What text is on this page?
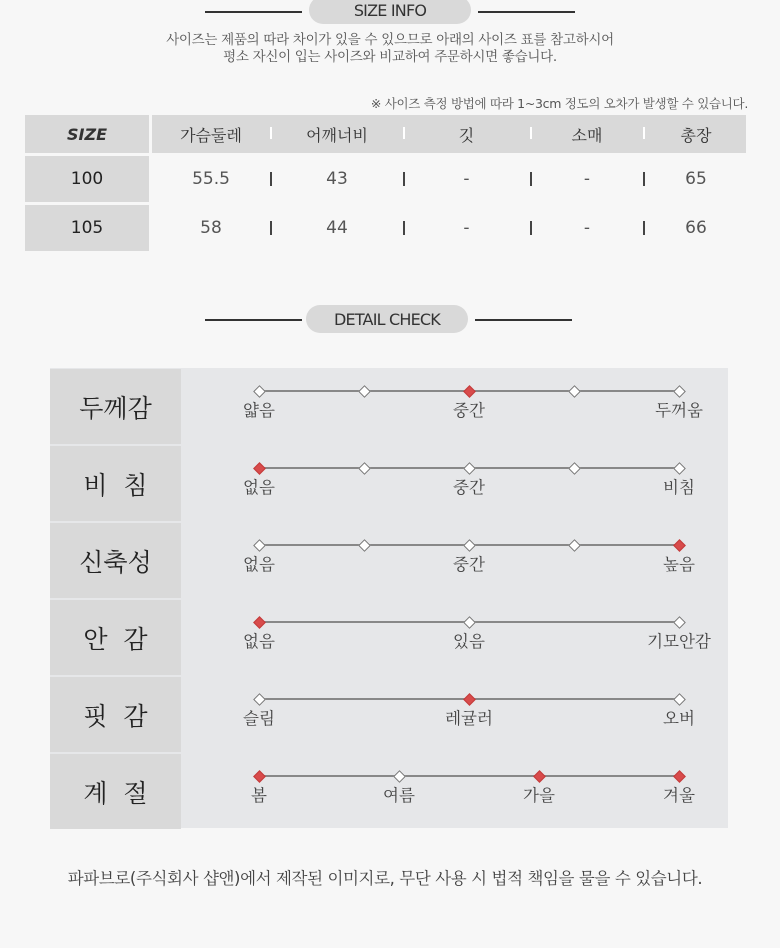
SIZE INFO
사이즈는 제품의 따라 차이가 있을 수 있으므로 아래의 사이즈 표를 참고하시어
평소 자신이 입는 사이즈와 비교하여 주문하시면 좋습니다.
※ 사이즈 측정 방법에 따라 1~3cm 정도의 오차가 발생할 수 있습니다.
SIZE	가슴둘레	어깨너비	깃	소매	총장
100	55.5	43	-	-	65
105	58	44	-	-	66
DETAIL CHECK
두께감
비  침
신축성
안  감
핏  감
계  절
얇음	중간	두꺼움
없음	중간	비침
없음	중간	높음
없음	있음	기모안감
슬림	레귤러	오버
봄	여름	가을	겨울
파파브로(주식회사 샵앤)에서 제작된 이미지로, 무단 사용 시 법적 책임을 물을 수 있습니다.
